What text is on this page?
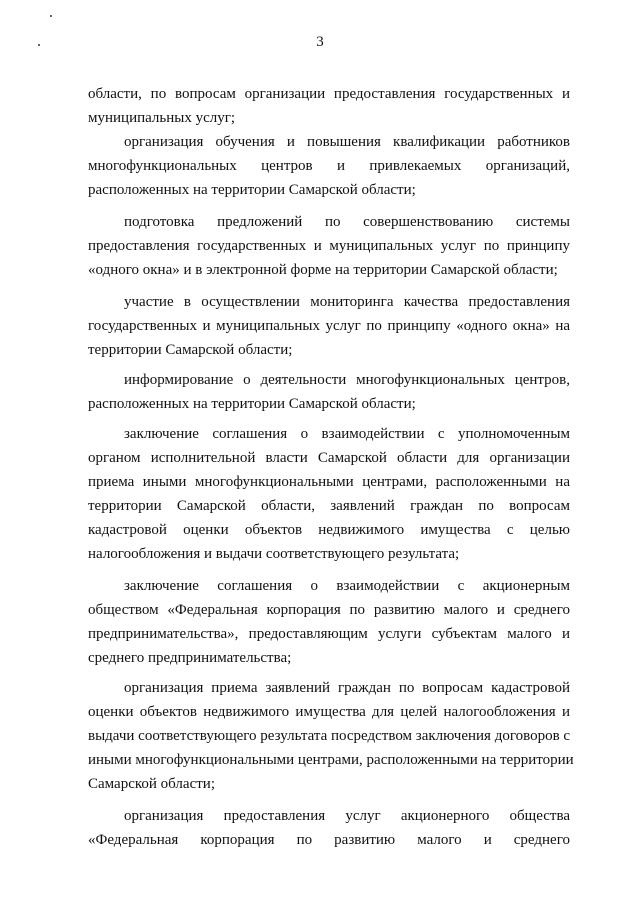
3
области, по вопросам организации предоставления государственных и
муниципальных услуг;
организация обучения и повышения квалификации работников
многофункциональных центров и привлекаемых организаций,
расположенных на территории Самарской области;
подготовка предложений по совершенствованию системы
предоставления государственных и муниципальных услуг по принципу
«одного окна» и в электронной форме на территории Самарской области;
участие в осуществлении мониторинга качества предоставления
государственных и муниципальных услуг по принципу «одного окна» на
территории Самарской области;
информирование о деятельности многофункциональных центров,
расположенных на территории Самарской области;
заключение соглашения о взаимодействии с уполномоченным
органом исполнительной власти Самарской области для организации
приема иными многофункциональными центрами, расположенными на
территории Самарской области, заявлений граждан по вопросам
кадастровой оценки объектов недвижимого имущества с целью
налогообложения и выдачи соответствующего результата;
заключение соглашения о взаимодействии с акционерным
обществом «Федеральная корпорация по развитию малого и среднего
предпринимательства», предоставляющим услуги субъектам малого и
среднего предпринимательства;
организация приема заявлений граждан по вопросам кадастровой
оценки объектов недвижимого имущества для целей налогообложения и
выдачи соответствующего результата посредством заключения договоров с
иными многофункциональными центрами, расположенными на территории
Самарской области;
организация предоставления услуг акционерного общества
«Федеральная корпорация по развитию малого и среднего
